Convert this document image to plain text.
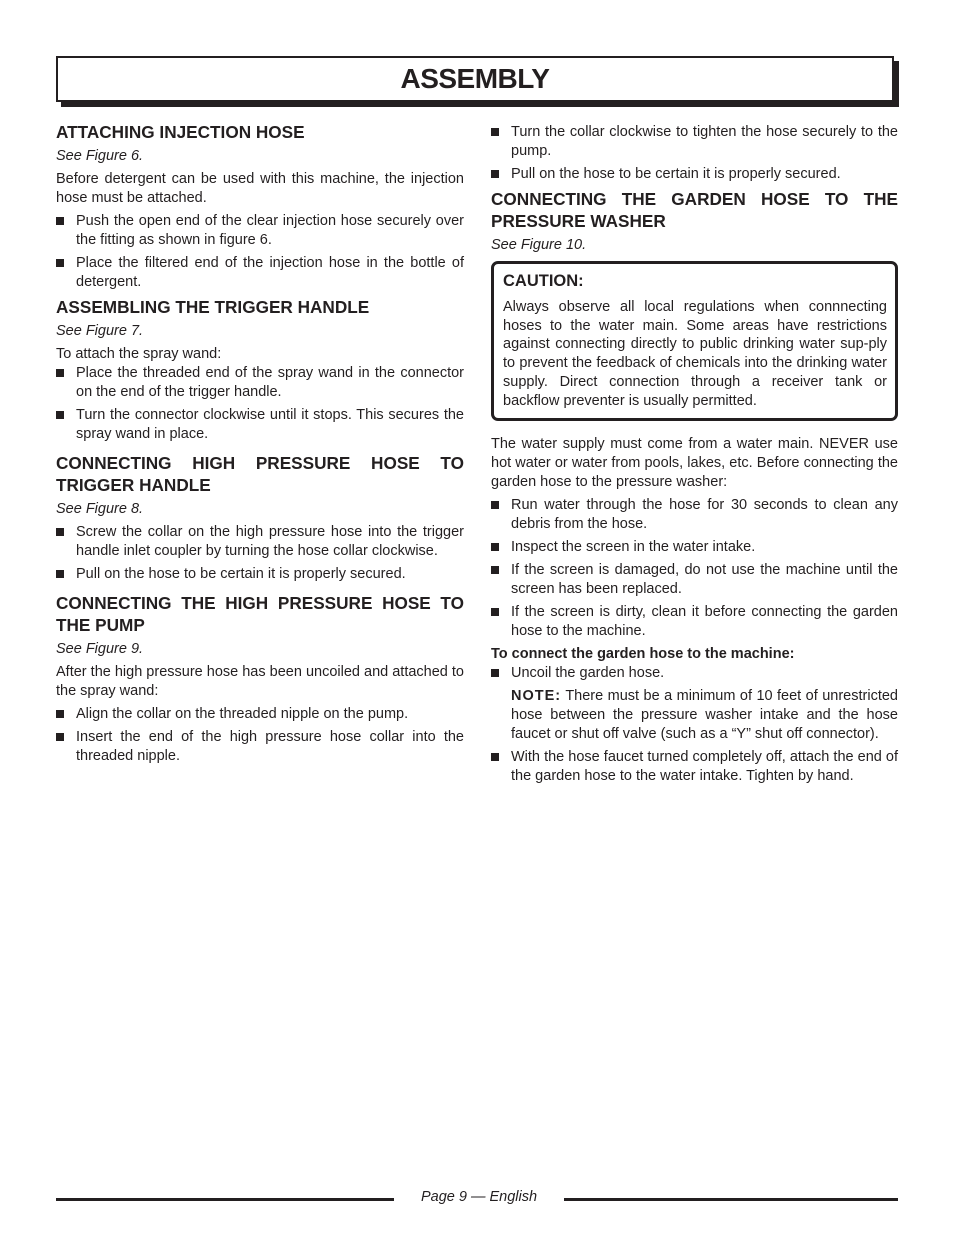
ASSEMBLY
ATTACHING INJECTION HOSE
See Figure 6.

Before detergent can be used with this machine, the injection hose must be attached.

Push the open end of the clear injection hose securely over the fitting as shown in figure 6.
Place the filtered end of the injection hose in the bottle of detergent.
ASSEMBLING THE TRIGGER HANDLE
See Figure 7.

To attach the spray wand:

Place the threaded end of the spray wand in the connector on the end of the trigger handle.
Turn the connector clockwise until it stops. This secures the spray wand in place.
CONNECTING HIGH PRESSURE HOSE TO TRIGGER HANDLE
See Figure 8.
Screw the collar on the high pressure hose into the trigger handle inlet coupler by turning the hose collar clockwise.
Pull on the hose to be certain it is properly secured.
CONNECTING THE HIGH PRESSURE HOSE TO THE PUMP
See Figure 9.

After the high pressure hose has been uncoiled and attached to the spray wand:

Align the collar on the threaded nipple on the pump.
Insert the end of the high pressure hose collar into the threaded nipple.
Turn the collar clockwise to tighten the hose securely to the pump.
Pull on the hose to be certain it is properly secured.
CONNECTING THE GARDEN HOSE TO THE PRESSURE WASHER
See Figure 10.
CAUTION:

Always observe all local regulations when connnecting hoses to the water main. Some areas have restrictions against connecting directly to public drinking water sup-ply to prevent the feedback of chemicals into the drinking water supply. Direct connection through a receiver tank or backflow preventer is usually permitted.

The water supply must come from a water main. NEVER use hot water or water from pools, lakes, etc. Before connecting the garden hose to the pressure washer:

Run water through the hose for 30 seconds to clean any debris from the hose.
Inspect the screen in the water intake.
If the screen is damaged, do not use the machine until the screen has been replaced.
If the screen is dirty, clean it before connecting the garden hose to the machine.
To connect the garden hose to the machine:
Uncoil the garden hose.

NOTE: There must be a minimum of 10 feet of unrestricted hose between the pressure washer intake and the hose faucet or shut off valve (such as a “Y” shut off connector).

With the hose faucet turned completely off, attach the end of the garden hose to the water intake. Tighten by hand.
Page 9 — English
